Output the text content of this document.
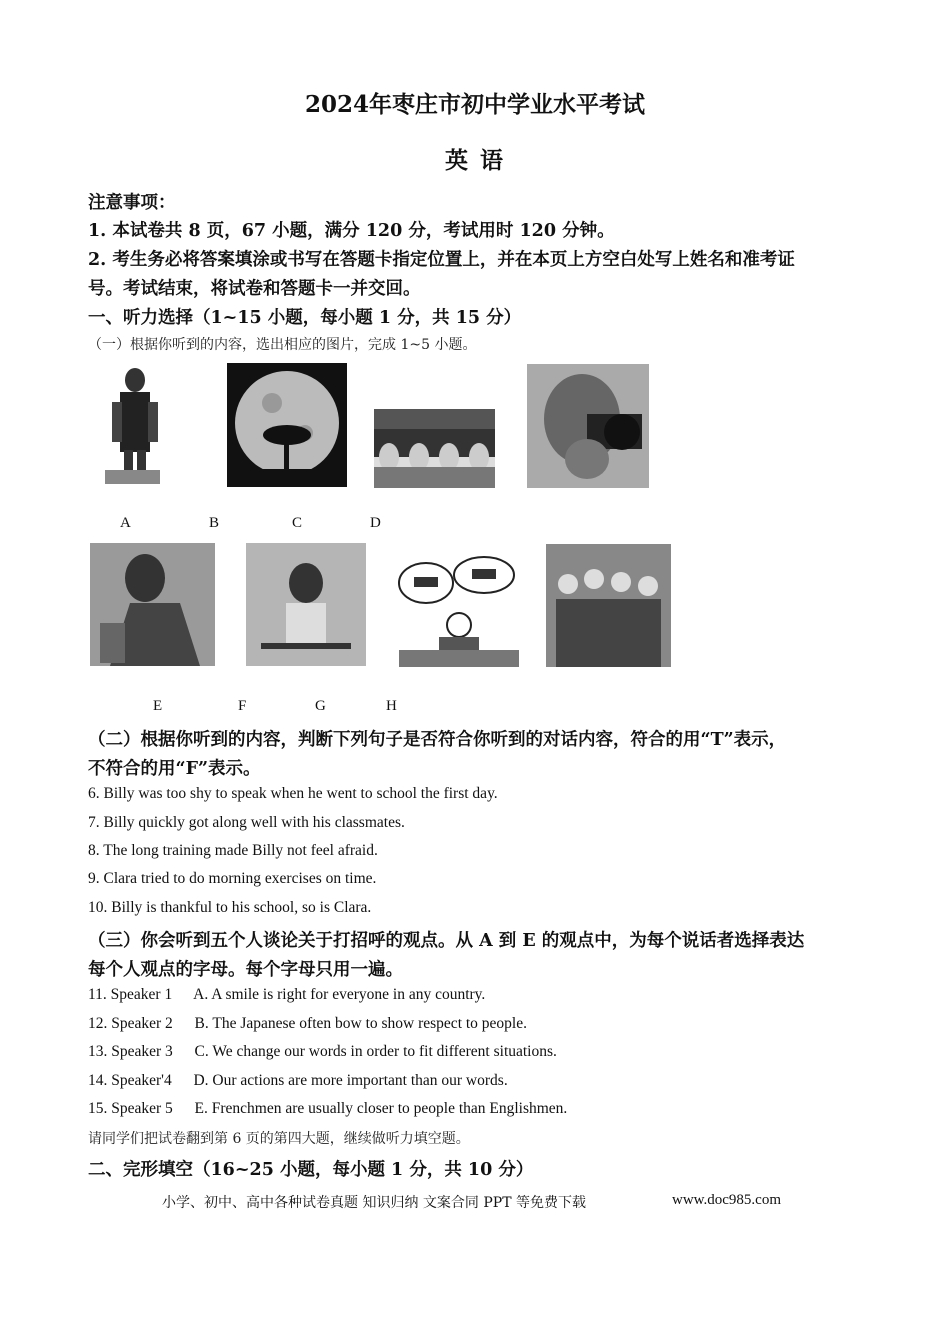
2024年枣庄市初中学业水平考试
英 语
注意事项：
1. 本试卷共 8 页，67 小题，满分 120 分，考试用时 120 分钟。
2. 考生务必将答案填涂或书写在答题卡指定位置上，并在本页上方空白处写上姓名和准考证
号。考试结束，将试卷和答题卡一并交回。
一、听力选择（1~15 小题，每小题 1 分，共 15 分）
（一）根据你听到的内容，选出相应的图片，完成 1~5 小题。
A	B	C	D
E	F	G	H
（二）根据你听到的内容，判断下列句子是否符合你听到的对话内容，符合的用“T”表示，
不符合的用“F”表示。
6. Billy was too shy to speak when he went to school the first day.
7. Billy quickly got along well with his classmates.
8. The long training made Billy not feel afraid.
9. Clara tried to do morning exercises on time.
10. Billy is thankful to his school, so is Clara.
（三）你会听到五个人谈论关于打招呼的观点。从 A 到 E 的观点中，为每个说话者选择表达
每个人观点的字母。每个字母只用一遍。
11. Speaker 1 A. A smile is right for everyone in any country.
12. Speaker 2 B. The Japanese often bow to show respect to people.
13. Speaker 3 C. We change our words in order to fit different situations.
14. Speaker'4 D. Our actions are more important than our words.
15. Speaker 5 E. Frenchmen are usually closer to people than Englishmen.
请同学们把试卷翻到第 6 页的第四大题，继续做听力填空题。
二、完形填空（16~25 小题，每小题 1 分，共 10 分）
小学、初中、高中各种试卷真题 知识归纳 文案合同 PPT 等免费下载	www.doc985.com
